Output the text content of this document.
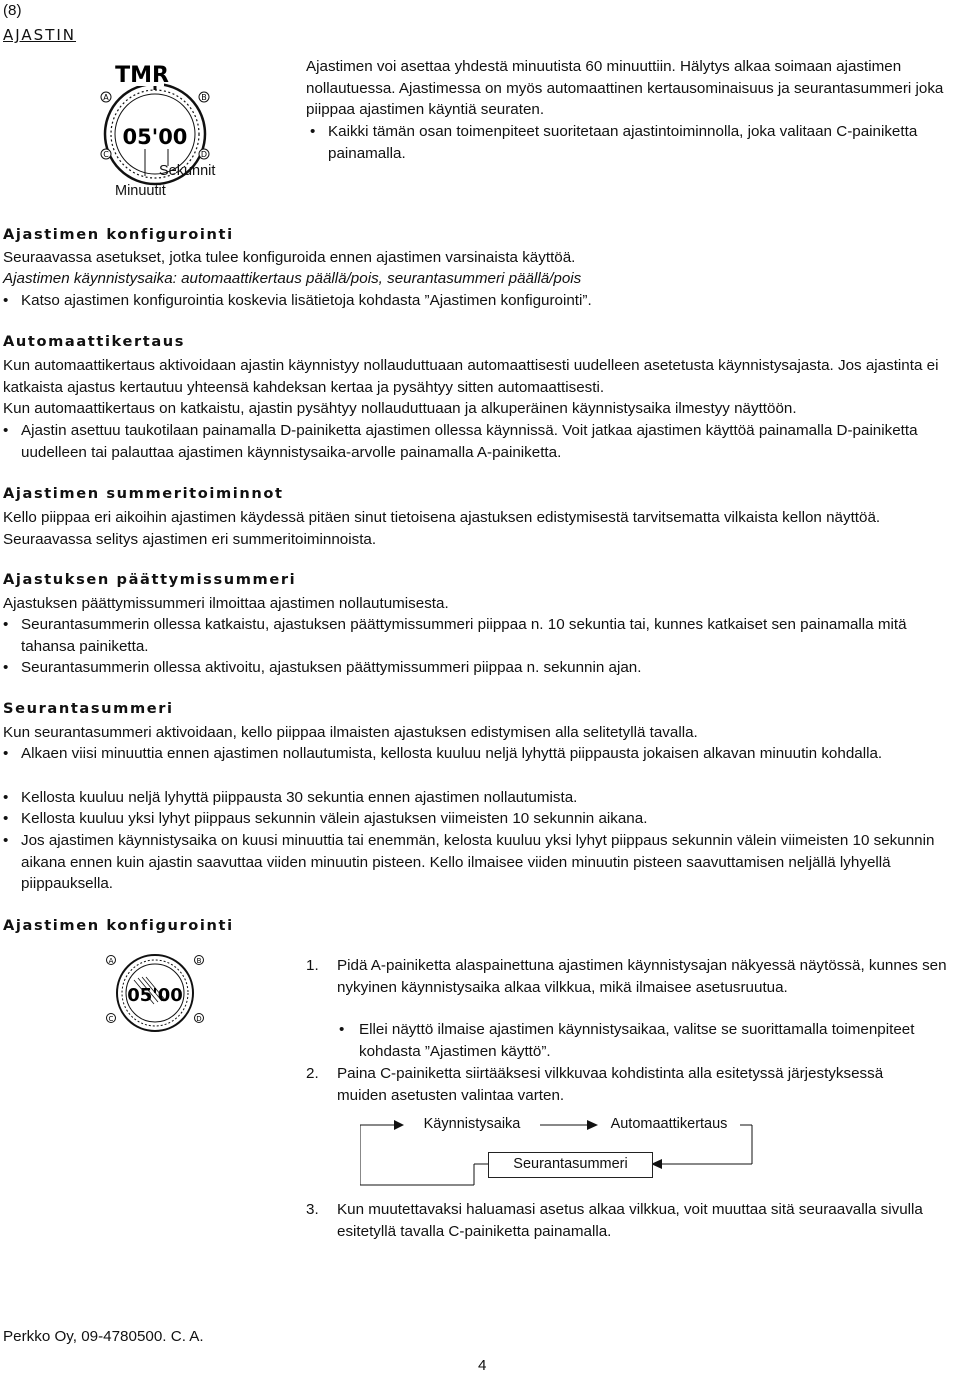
(8)
AJASTIN
A	B
C	D
TMR
05'00
Sekunnit
Minuutit
Ajastimen voi asettaa yhdestä minuutista 60 minuuttiin. Hälytys alkaa soimaan ajastimen nollautuessa. Ajastimessa on myös automaattinen kertausominaisuus ja seurantasummeri joka piippaa ajastimen käyntiä seuraten.
• Kaikki tämän osan toimenpiteet suoritetaan ajastintoiminnolla, joka valitaan C-painiketta painamalla.
Ajastimen konfigurointi
Seuraavassa asetukset, jotka tulee konfiguroida ennen ajastimen varsinaista käyttöä.
Ajastimen käynnistysaika: automaattikertaus päällä/pois, seurantasummeri päällä/pois
• Katso ajastimen konfigurointia koskevia lisätietoja kohdasta ”Ajastimen konfigurointi”.
Automaattikertaus
Kun automaattikertaus aktivoidaan ajastin käynnistyy nollauduttuaan automaattisesti uudelleen asetetusta käynnistysajasta. Jos ajastinta ei katkaista ajastus kertautuu yhteensä kahdeksan kertaa ja pysähtyy sitten automaattisesti.
Kun automaattikertaus on katkaistu, ajastin pysähtyy nollauduttuaan ja alkuperäinen käynnistysaika ilmestyy näyttöön.
• Ajastin asettuu taukotilaan painamalla D-painiketta ajastimen ollessa käynnissä. Voit jatkaa ajastimen käyttöä painamalla D-painiketta uudelleen tai palauttaa ajastimen käynnistysaika-arvolle painamalla A-painiketta.
Ajastimen summeritoiminnot
Kello piippaa eri aikoihin ajastimen käydessä pitäen sinut tietoisena ajastuksen edistymisestä tarvitsematta vilkaista kellon näyttöä. Seuraavassa selitys ajastimen eri summeritoiminnoista.
Ajastuksen päättymissummeri
Ajastuksen päättymissummeri ilmoittaa ajastimen nollautumisesta.
• Seurantasummerin ollessa katkaistu, ajastuksen päättymissummeri piippaa n. 10 sekuntia tai, kunnes katkaiset sen painamalla mitä tahansa painiketta.
• Seurantasummerin ollessa aktivoitu, ajastuksen päättymissummeri piippaa n. sekunnin ajan.
Seurantasummeri
Kun seurantasummeri aktivoidaan, kello piippaa ilmaisten ajastuksen edistymisen alla selitetyllä tavalla.
• Alkaen viisi minuuttia ennen ajastimen nollautumista, kellosta kuuluu neljä lyhyttä piippausta jokaisen alkavan minuutin kohdalla.
• Kellosta kuuluu neljä lyhyttä piippausta 30 sekuntia ennen ajastimen nollautumista.
• Kellosta kuuluu yksi lyhyt piippaus sekunnin välein ajastuksen viimeisten 10 sekunnin aikana.
• Jos ajastimen käynnistysaika on kuusi minuuttia tai enemmän, kelosta kuuluu yksi lyhyt piippaus sekunnin välein viimeisten 10 sekunnin aikana ennen kuin ajastin saavuttaa viiden minuutin pisteen. Kello ilmaisee viiden minuutin pisteen saavuttamisen neljällä lyhyellä piippauksella.
Ajastimen konfigurointi
A	B
C	D
05'00
1. Pidä A-painiketta alaspainettuna ajastimen käynnistysajan näkyessä näytössä, kunnes sen nykyinen käynnistysaika alkaa vilkkua, mikä ilmaisee asetusruutua.
• Ellei näyttö ilmaise ajastimen käynnistysaikaa, valitse se suorittamalla toimenpiteet kohdasta ”Ajastimen käyttö”.
2. Paina C-painiketta siirtääksesi vilkkuvaa kohdistinta alla esitetyssä järjestyksessä muiden asetusten valintaa varten.
Käynnistysaika	Automaattikertaus
Seurantasummeri
3. Kun muutettavaksi haluamasi asetus alkaa vilkkua, voit muuttaa sitä seuraavalla sivulla esitetyllä tavalla C-painiketta painamalla.
Perkko Oy, 09-4780500. C. A.
4
